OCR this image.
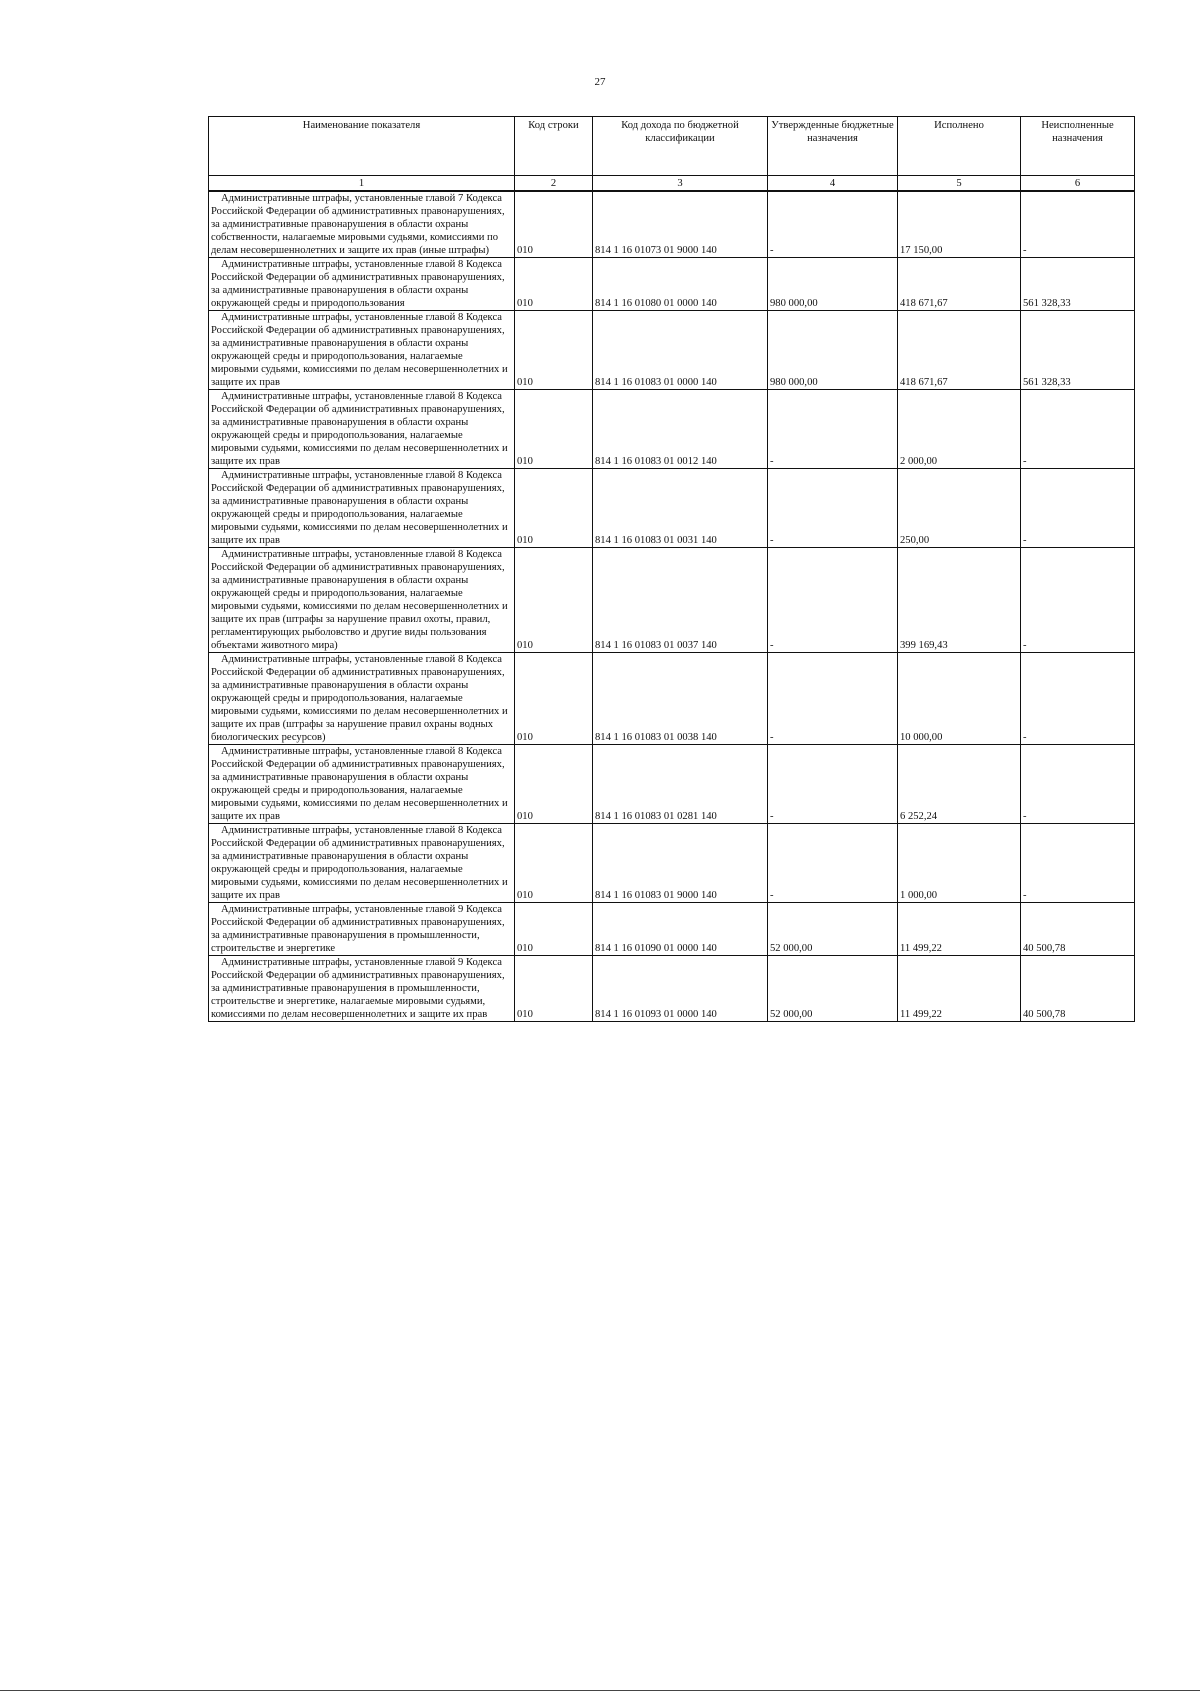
27
Наименование показателя	Код строки	Код дохода по бюджетной классификации	Утвержденные бюджетные назначения	Исполнено	Неисполненные назначения
1	2	3	4	5	6
Административные штрафы, установленные главой 7 Кодекса Российской Федерации об административных правонарушениях, за административные правонарушения в области охраны собственности, налагаемые мировыми судьями, комиссиями по делам несовершеннолетних и защите их прав (иные штрафы)	010	814 1 16 01073 01 9000 140	-	17 150,00	-
Административные штрафы, установленные главой 8 Кодекса Российской Федерации об административных правонарушениях, за административные правонарушения в области охраны окружающей среды и природопользования	010	814 1 16 01080 01 0000 140	980 000,00	418 671,67	561 328,33
Административные штрафы, установленные главой 8 Кодекса Российской Федерации об административных правонарушениях, за административные правонарушения в области охраны окружающей среды и природопользования, налагаемые мировыми судьями, комиссиями по делам несовершеннолетних и защите их прав	010	814 1 16 01083 01 0000 140	980 000,00	418 671,67	561 328,33
Административные штрафы, установленные главой 8 Кодекса Российской Федерации об административных правонарушениях, за административные правонарушения в области охраны окружающей среды и природопользования, налагаемые мировыми судьями, комиссиями по делам несовершеннолетних и защите их прав	010	814 1 16 01083 01 0012 140	-	2 000,00	-
Административные штрафы, установленные главой 8 Кодекса Российской Федерации об административных правонарушениях, за административные правонарушения в области охраны окружающей среды и природопользования, налагаемые мировыми судьями, комиссиями по делам несовершеннолетних и защите их прав	010	814 1 16 01083 01 0031 140	-	250,00	-
Административные штрафы, установленные главой 8 Кодекса Российской Федерации об административных правонарушениях, за административные правонарушения в области охраны окружающей среды и природопользования, налагаемые мировыми судьями, комиссиями по делам несовершеннолетних и защите их прав (штрафы за нарушение правил охоты, правил, регламентирующих рыболовство и другие виды пользования объектами животного мира)	010	814 1 16 01083 01 0037 140	-	399 169,43	-
Административные штрафы, установленные главой 8 Кодекса Российской Федерации об административных правонарушениях, за административные правонарушения в области охраны окружающей среды и природопользования, налагаемые мировыми судьями, комиссиями по делам несовершеннолетних и защите их прав (штрафы за нарушение правил охраны водных биологических ресурсов)	010	814 1 16 01083 01 0038 140	-	10 000,00	-
Административные штрафы, установленные главой 8 Кодекса Российской Федерации об административных правонарушениях, за административные правонарушения в области охраны окружающей среды и природопользования, налагаемые мировыми судьями, комиссиями по делам несовершеннолетних и защите их прав	010	814 1 16 01083 01 0281 140	-	6 252,24	-
Административные штрафы, установленные главой 8 Кодекса Российской Федерации об административных правонарушениях, за административные правонарушения в области охраны окружающей среды и природопользования, налагаемые мировыми судьями, комиссиями по делам несовершеннолетних и защите их прав	010	814 1 16 01083 01 9000 140	-	1 000,00	-
Административные штрафы, установленные главой 9 Кодекса Российской Федерации об административных правонарушениях, за административные правонарушения в промышленности, строительстве и энергетике	010	814 1 16 01090 01 0000 140	52 000,00	11 499,22	40 500,78
Административные штрафы, установленные главой 9 Кодекса Российской Федерации об административных правонарушениях, за административные правонарушения в промышленности, строительстве и энергетике, налагаемые мировыми судьями, комиссиями по делам несовершеннолетних и защите их прав	010	814 1 16 01093 01 0000 140	52 000,00	11 499,22	40 500,78
